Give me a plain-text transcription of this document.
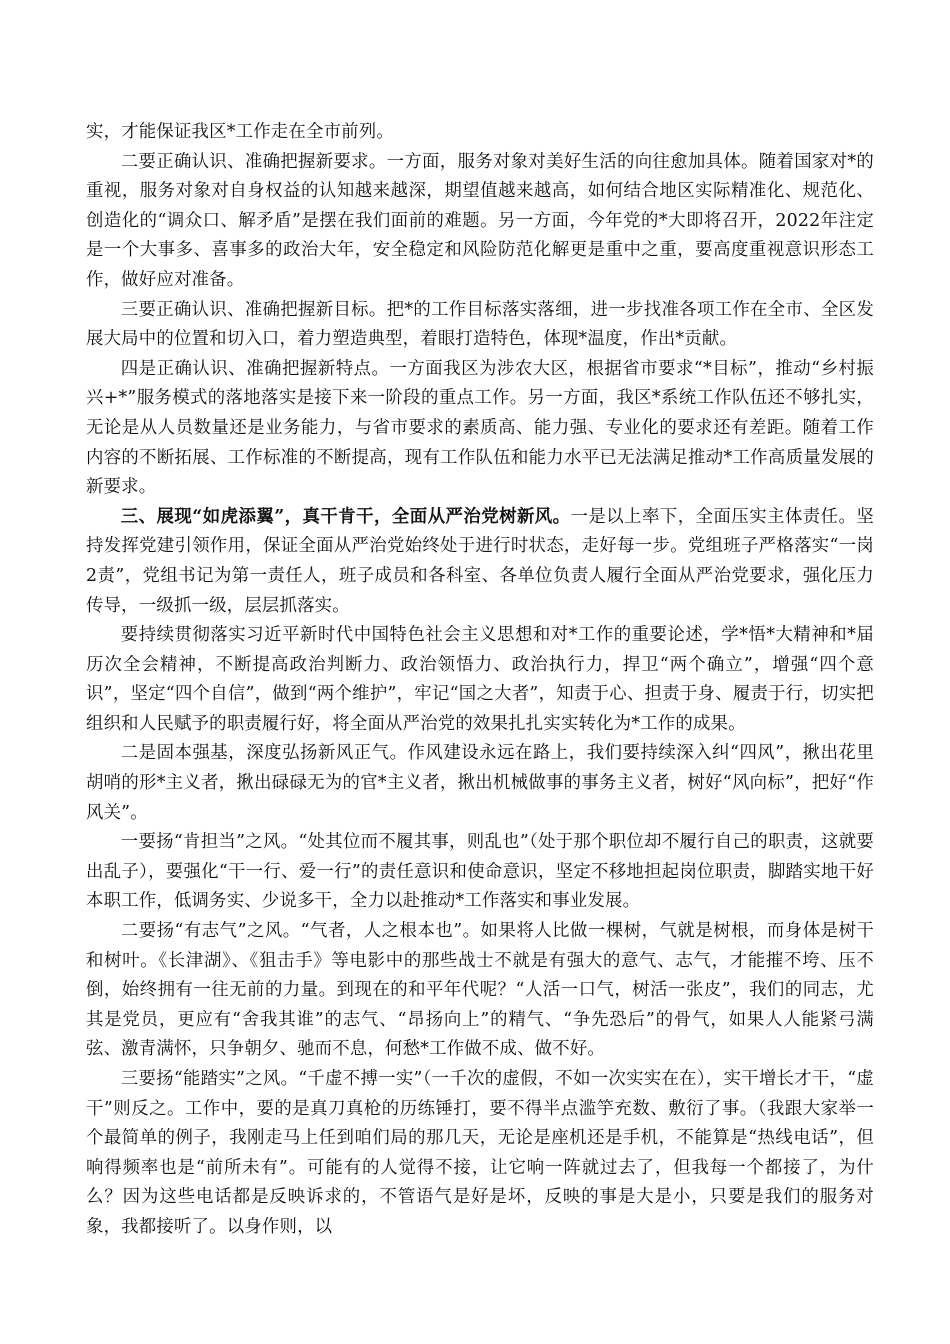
实，才能保证我区*工作走在全市前列。

二要正确认识、准确把握新要求。一方面，服务对象对美好生活的向往愈加具体。随着国家对*的重视，服务对象对自身权益的认知越来越深，期望值越来越高，如何结合地区实际精准化、规范化、创造化的“调众口、解矛盾”是摆在我们面前的难题。另一方面，今年党的*大即将召开，2022年注定是一个大事多、喜事多的政治大年，安全稳定和风险防范化解更是重中之重，要高度重视意识形态工作，做好应对准备。

三要正确认识、准确把握新目标。把*的工作目标落实落细，进一步找准各项工作在全市、全区发展大局中的位置和切入口，着力塑造典型，着眼打造特色，体现*温度，作出*贡献。

四是正确认识、准确把握新特点。一方面我区为涉农大区，根据省市要求“*目标”，推动“乡村振兴+*”服务模式的落地落实是接下来一阶段的重点工作。另一方面，我区*系统工作队伍还不够扎实，无论是从人员数量还是业务能力，与省市要求的素质高、能力强、专业化的要求还有差距。随着工作内容的不断拓展、工作标准的不断提高，现有工作队伍和能力水平已无法满足推动*工作高质量发展的新要求。

三、展现“如虎添翼”，真干肯干，全面从严治党树新风。一是以上率下，全面压实主体责任。坚持发挥党建引领作用，保证全面从严治党始终处于进行时状态，走好每一步。党组班子严格落实“一岗2责”，党组书记为第一责任人，班子成员和各科室、各单位负责人履行全面从严治党要求，强化压力传导，一级抓一级，层层抓落实。

要持续贯彻落实习近平新时代中国特色社会主义思想和对*工作的重要论述，学*悟*大精神和*届历次全会精神，不断提高政治判断力、政治领悟力、政治执行力，捍卫“两个确立”，增强“四个意识”，坚定“四个自信”，做到“两个维护”，牢记“国之大者”，知责于心、担责于身、履责于行，切实把组织和人民赋予的职责履行好，将全面从严治党的效果扎扎实实转化为*工作的成果。

二是固本强基，深度弘扬新风正气。作风建设永远在路上，我们要持续深入纠“四风”，揪出花里胡哨的形*主义者，揪出碌碌无为的官*主义者，揪出机械做事的事务主义者，树好“风向标”，把好“作风关”。

一要扬“肯担当”之风。“处其位而不履其事，则乱也”（处于那个职位却不履行自己的职责，这就要出乱子），要强化“干一行、爱一行”的责任意识和使命意识，坚定不移地担起岗位职责，脚踏实地干好本职工作，低调务实、少说多干，全力以赴推动*工作落实和事业发展。

二要扬“有志气”之风。“气者，人之根本也”。如果将人比做一棵树，气就是树根，而身体是树干和树叶。《长津湖》、《狙击手》等电影中的那些战士不就是有强大的意气、志气，才能摧不垮、压不倒，始终拥有一往无前的力量。到现在的和平年代呢？“人活一口气，树活一张皮”，我们的同志，尤其是党员，更应有“舍我其谁”的志气、“昂扬向上”的精气、“争先恐后”的骨气，如果人人能紧弓满弦、激青满怀，只争朝夕、驰而不息，何愁*工作做不成、做不好。

三要扬“能踏实”之风。“千虚不搏一实”（一千次的虚假，不如一次实实在在），实干增长才干，“虚干”则反之。工作中，要的是真刀真枪的历练锤打，要不得半点滥竽充数、敷衍了事。（我跟大家举一个最简单的例子，我刚走马上任到咱们局的那几天，无论是座机还是手机，不能算是“热线电话”，但响得频率也是“前所未有”。可能有的人觉得不接，让它响一阵就过去了，但我每一个都接了，为什么？因为这些电话都是反映诉求的，不管语气是好是坏，反映的事是大是小，只要是我们的服务对象，我都接听了。以身作则，以
